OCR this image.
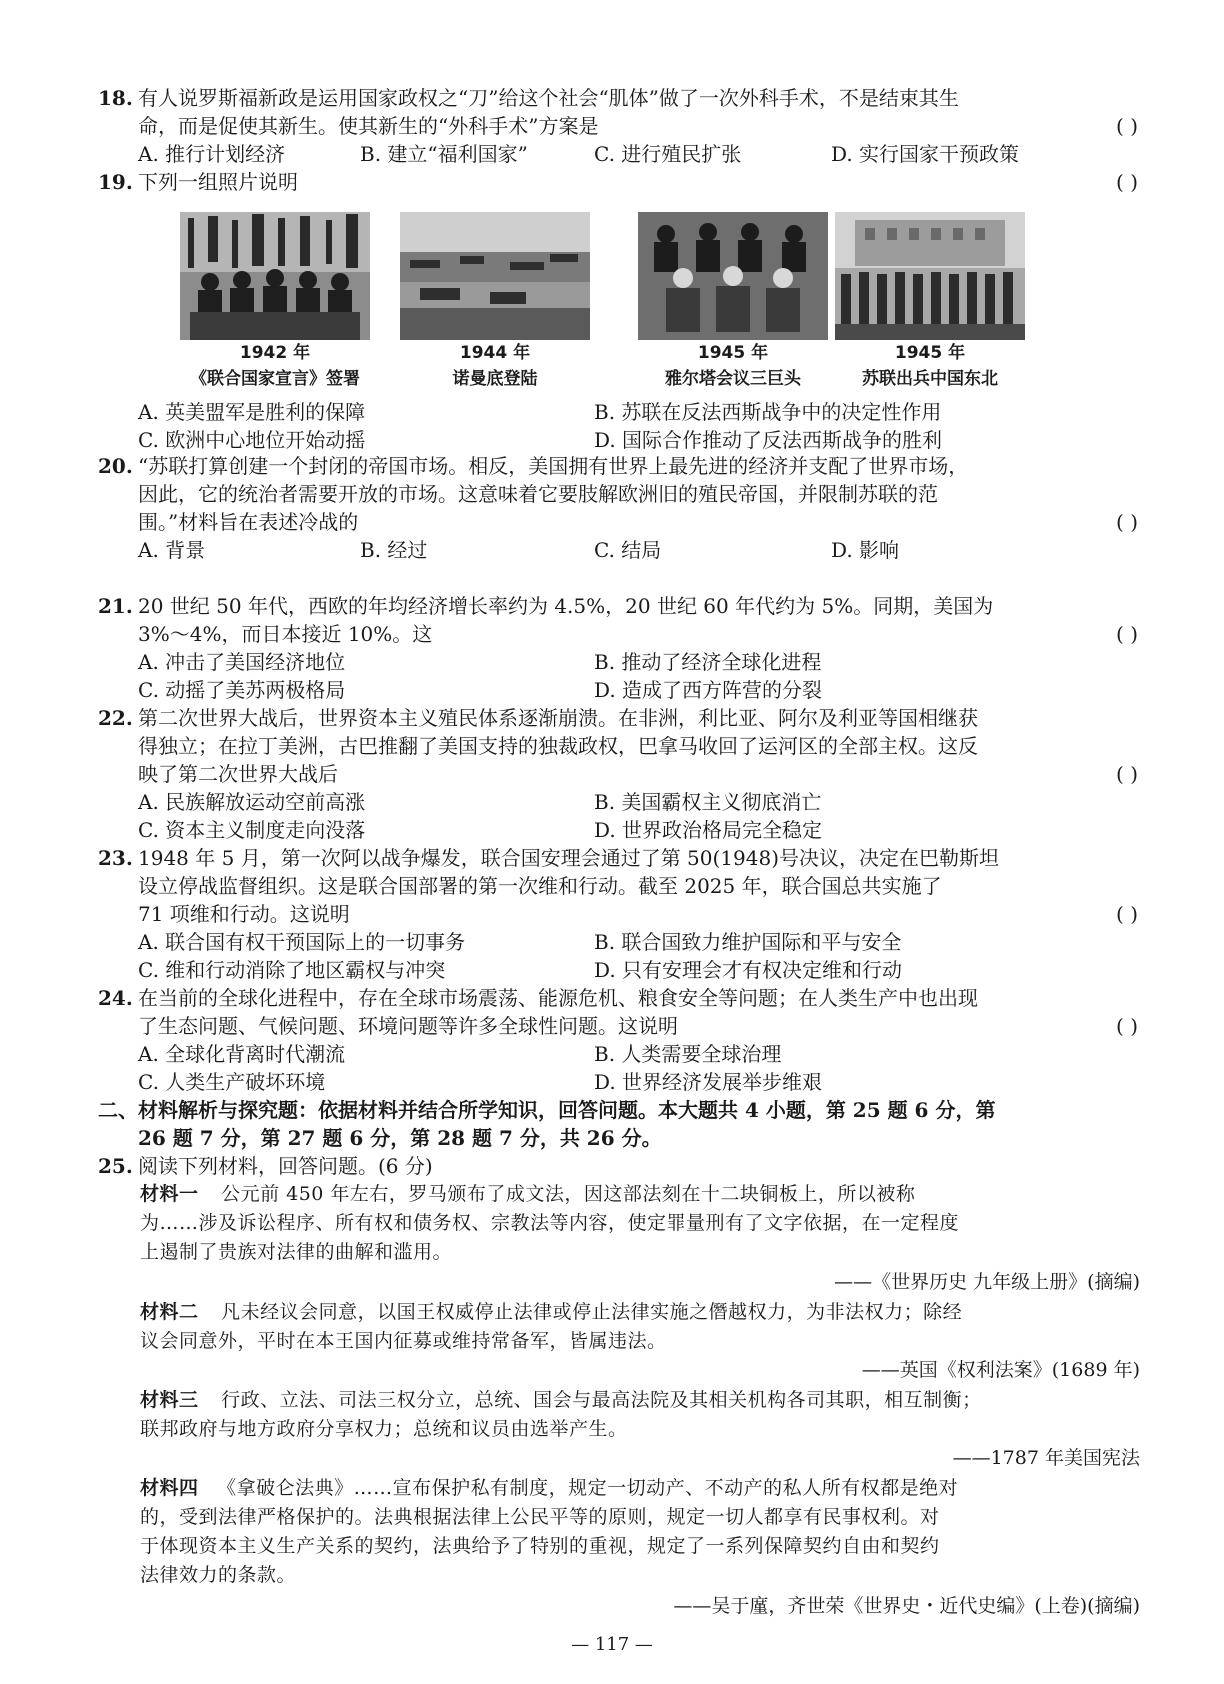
18. 有人说罗斯福新政是运用国家政权之“刀”给这个社会“肌体”做了一次外科手术，不是结束其生
命，而是促使其新生。使其新生的“外科手术”方案是	( )
A. 推行计划经济	B. 建立“福利国家”	C. 进行殖民扩张	D. 实行国家干预政策
19. 下列一组照片说明	( )
1942 年
《联合国家宣言》签署
1944 年
诺曼底登陆
1945 年
雅尔塔会议三巨头
1945 年
苏联出兵中国东北
A. 英美盟军是胜利的保障	B. 苏联在反法西斯战争中的决定性作用
C. 欧洲中心地位开始动摇	D. 国际合作推动了反法西斯战争的胜利
20. “苏联打算创建一个封闭的帝国市场。相反，美国拥有世界上最先进的经济并支配了世界市场，
因此，它的统治者需要开放的市场。这意味着它要肢解欧洲旧的殖民帝国，并限制苏联的范
围。”材料旨在表述冷战的	( )
A. 背景	B. 经过	C. 结局	D. 影响
21. 20 世纪 50 年代，西欧的年均经济增长率约为 4.5%，20 世纪 60 年代约为 5%。同期，美国为
3%～4%，而日本接近 10%。这	( )
A. 冲击了美国经济地位	B. 推动了经济全球化进程
C. 动摇了美苏两极格局	D. 造成了西方阵营的分裂
22. 第二次世界大战后，世界资本主义殖民体系逐渐崩溃。在非洲，利比亚、阿尔及利亚等国相继获
得独立；在拉丁美洲，古巴推翻了美国支持的独裁政权，巴拿马收回了运河区的全部主权。这反
映了第二次世界大战后	( )
A. 民族解放运动空前高涨	B. 美国霸权主义彻底消亡
C. 资本主义制度走向没落	D. 世界政治格局完全稳定
23. 1948 年 5 月，第一次阿以战争爆发，联合国安理会通过了第 50(1948)号决议，决定在巴勒斯坦
设立停战监督组织。这是联合国部署的第一次维和行动。截至 2025 年，联合国总共实施了
71 项维和行动。这说明	( )
A. 联合国有权干预国际上的一切事务	B. 联合国致力维护国际和平与安全
C. 维和行动消除了地区霸权与冲突	D. 只有安理会才有权决定维和行动
24. 在当前的全球化进程中，存在全球市场震荡、能源危机、粮食安全等问题；在人类生产中也出现
了生态问题、气候问题、环境问题等许多全球性问题。这说明	( )
A. 全球化背离时代潮流	B. 人类需要全球治理
C. 人类生产破坏环境	D. 世界经济发展举步维艰
二、材料解析与探究题：依据材料并结合所学知识，回答问题。本大题共 4 小题，第 25 题 6 分，第
26 题 7 分，第 27 题 6 分，第 28 题 7 分，共 26 分。
25. 阅读下列材料，回答问题。(6 分)
材料一 公元前 450 年左右，罗马颁布了成文法，因这部法刻在十二块铜板上，所以被称
为……涉及诉讼程序、所有权和债务权、宗教法等内容，使定罪量刑有了文字依据，在一定程度
上遏制了贵族对法律的曲解和滥用。
——《世界历史 九年级上册》(摘编)
材料二 凡未经议会同意，以国王权威停止法律或停止法律实施之僭越权力，为非法权力；除经
议会同意外，平时在本王国内征募或维持常备军，皆属违法。
——英国《权利法案》(1689 年)
材料三 行政、立法、司法三权分立，总统、国会与最高法院及其相关机构各司其职，相互制衡；
联邦政府与地方政府分享权力；总统和议员由选举产生。
——1787 年美国宪法
材料四 《拿破仑法典》……宣布保护私有制度，规定一切动产、不动产的私人所有权都是绝对
的，受到法律严格保护的。法典根据法律上公民平等的原则，规定一切人都享有民事权利。对
于体现资本主义生产关系的契约，法典给予了特别的重视，规定了一系列保障契约自由和契约
法律效力的条款。
——吴于廑，齐世荣《世界史・近代史编》(上卷)(摘编)
— 117 —
